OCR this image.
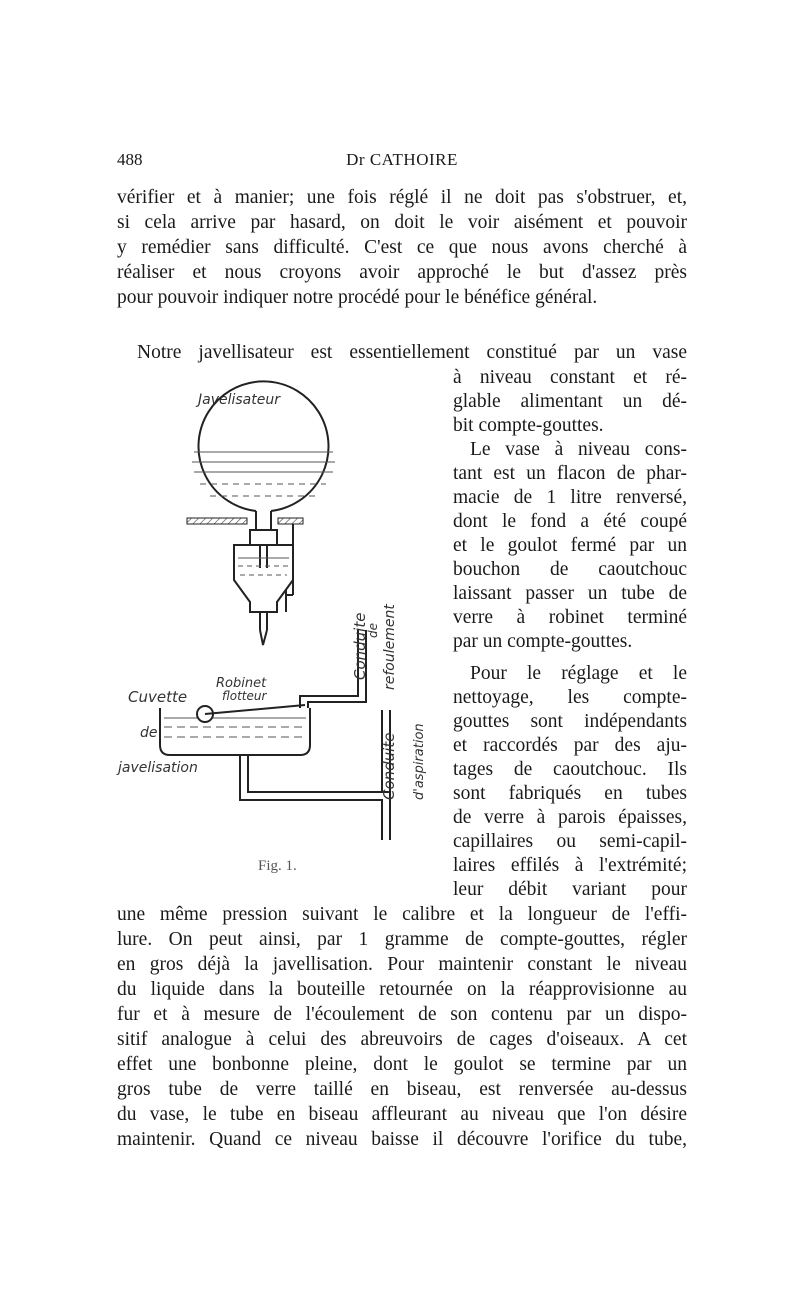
488	Dr CATHOIRE
vérifier et à manier; une fois réglé il ne doit pas s'obstruer, et,
si cela arrive par hasard, on doit le voir aisément et pouvoir
y remédier sans difficulté. C'est ce que nous avons cherché à
réaliser et nous croyons avoir approché le but d'assez près
pour pouvoir indiquer notre procédé pour le bénéfice général.
Notre javellisateur est essentiellement constitué par un vase
à niveau constant et ré-
glable alimentant un dé-
bit compte-gouttes.
Le vase à niveau cons-
tant est un flacon de phar-
macie de 1 litre renversé,
dont le fond a été coupé
et le goulot fermé par un
bouchon de caoutchouc
laissant passer un tube de
verre à robinet terminé
par un compte-gouttes.
Pour le réglage et le
nettoyage, les compte-
gouttes sont indépendants
et raccordés par des aju-
tages de caoutchouc. Ils
sont fabriqués en tubes
de verre à parois épaisses,
capillaires ou semi-capil-
laires effilés à l'extrémité;
leur débit variant pour
une même pression suivant le calibre et la longueur de l'effi-
lure. On peut ainsi, par 1 gramme de compte-gouttes, régler
en gros déjà la javellisation. Pour maintenir constant le niveau
du liquide dans la bouteille retournée on la réapprovisionne au
fur et à mesure de l'écoulement de son contenu par un dispo-
sitif analogue à celui des abreuvoirs de cages d'oiseaux. A cet
effet une bonbonne pleine, dont le goulot se termine par un
gros tube de verre taillé en biseau, est renversée au-dessus
du vase, le tube en biseau affleurant au niveau que l'on désire
maintenir. Quand ce niveau baisse il découvre l'orifice du tube,
Javelisateur
Robinet
flotteur
Cuvette
de
javelisation
Conduite
de refoulement
Conduite d'aspiration
Fig. 1.
